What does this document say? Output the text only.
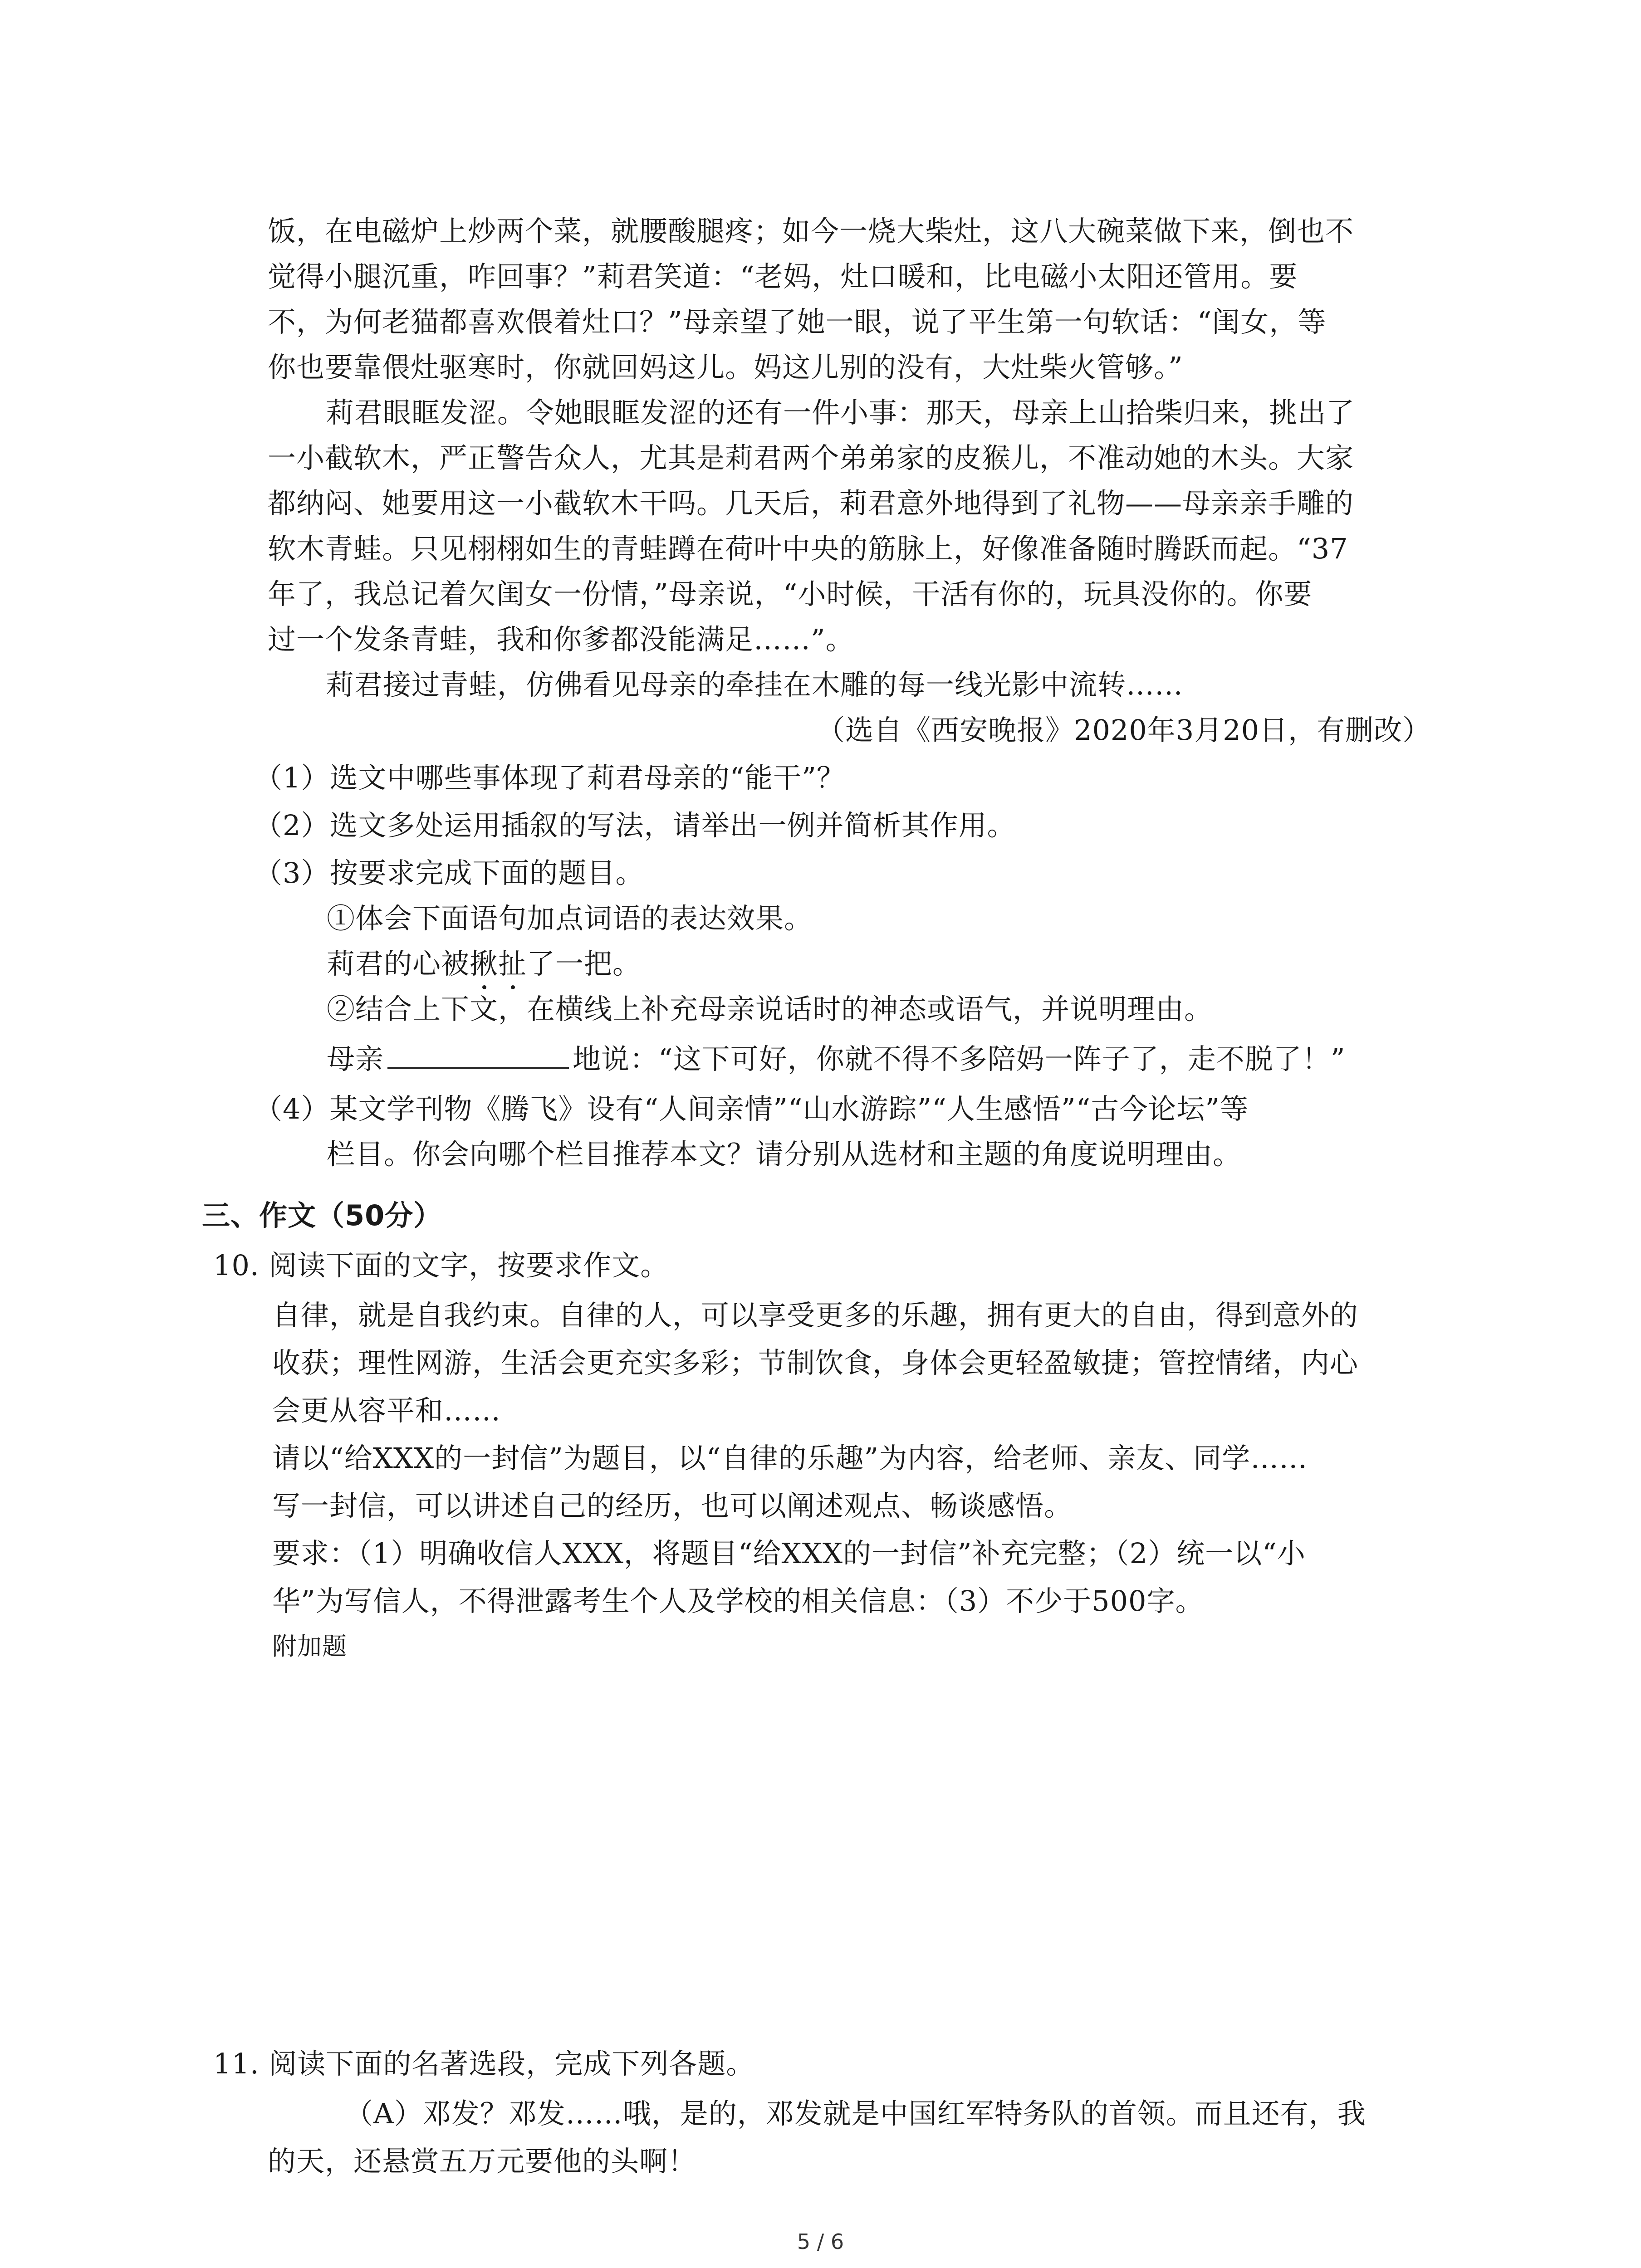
饭，在电磁炉上炒两个菜，就腰酸腿疼；如今一烧大柴灶，这八大碗菜做下来，倒也不
觉得小腿沉重，咋回事？”莉君笑道：“老妈，灶口暖和，比电磁小太阳还管用。要
不，为何老猫都喜欢偎着灶口？”母亲望了她一眼，说了平生第一句软话：“闺女，等
你也要靠偎灶驱寒时，你就回妈这儿。妈这儿别的没有，大灶柴火管够。”
莉君眼眶发涩。令她眼眶发涩的还有一件小事：那天，母亲上山拾柴归来，挑出了
一小截软木，严正警告众人，尤其是莉君两个弟弟家的皮猴儿，不准动她的木头。大家
都纳闷、她要用这一小截软木干吗。几天后，莉君意外地得到了礼物——母亲亲手雕的
软木青蛙。只见栩栩如生的青蛙蹲在荷叶中央的筋脉上，好像准备随时腾跃而起。“37
年了，我总记着欠闺女一份情，”母亲说，“小时候，干活有你的，玩具没你的。你要
过一个发条青蛙，我和你爹都没能满足……”。
莉君接过青蛙，仿佛看见母亲的牵挂在木雕的每一线光影中流转……
（选自《西安晚报》2020年3月20日，有删改）
（1）选文中哪些事体现了莉君母亲的“能干”？
（2）选文多处运用插叙的写法，请举出一例并简析其作用。
（3）按要求完成下面的题目。
①体会下面语句加点词语的表达效果。
莉君的心被揪扯了一把。
②结合上下文，在横线上补充母亲说话时的神态或语气，并说明理由。
母亲	地说：“这下可好，你就不得不多陪妈一阵子了，走不脱了！”
（4）某文学刊物《腾飞》设有“人间亲情”“山水游踪”“人生感悟”“古今论坛”等
栏目。你会向哪个栏目推荐本文？请分别从选材和主题的角度说明理由。
三、作文（50分）
10. 阅读下面的文字，按要求作文。
自律，就是自我约束。自律的人，可以享受更多的乐趣，拥有更大的自由，得到意外的
收获；理性网游，生活会更充实多彩；节制饮食，身体会更轻盈敏捷；管控情绪，内心
会更从容平和……
请以“给XXX的一封信”为题目，以“自律的乐趣”为内容，给老师、亲友、同学……
写一封信，可以讲述自己的经历，也可以阐述观点、畅谈感悟。
要求：（1）明确收信人XXX，将题目“给XXX的一封信”补充完整；（2）统一以“小
华”为写信人，不得泄露考生个人及学校的相关信息：（3）不少于500字。
附加题
11. 阅读下面的名著选段，完成下列各题。
（A）邓发？邓发……哦，是的，邓发就是中国红军特务队的首领。而且还有，我
的天，还悬赏五万元要他的头啊！
5 / 6
